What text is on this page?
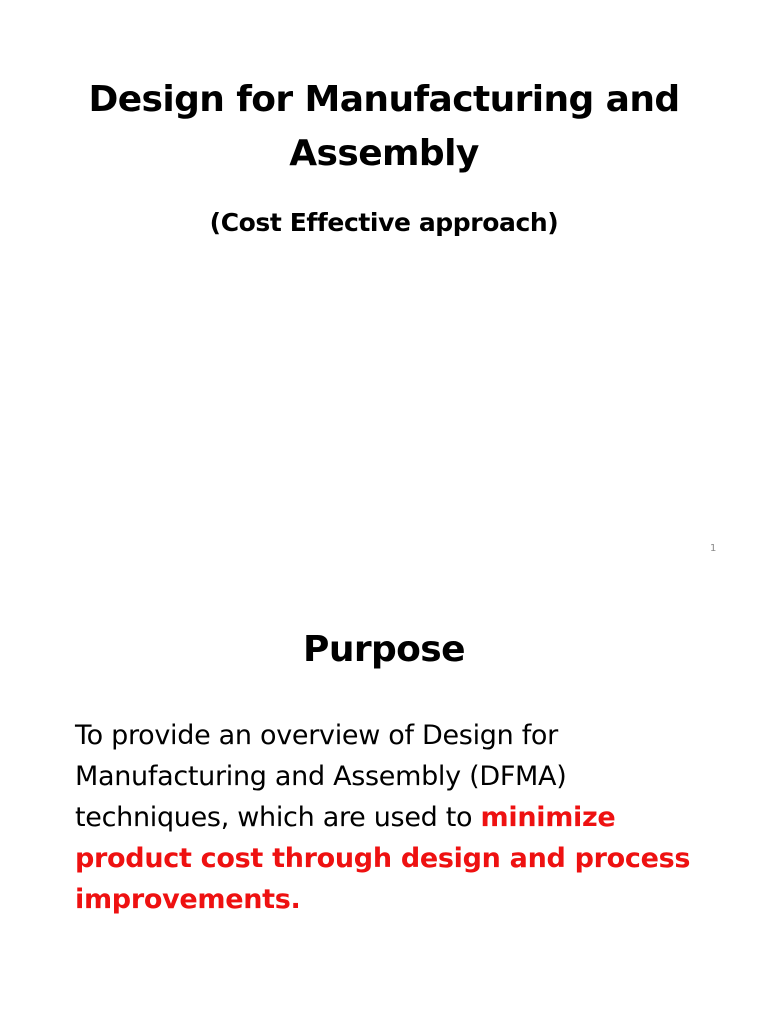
Design for Manufacturing and Assembly

(Cost Effective approach)

1
Purpose

To provide an overview of Design for Manufacturing and Assembly (DFMA) techniques, which are used to minimize product cost through design and process improvements.
